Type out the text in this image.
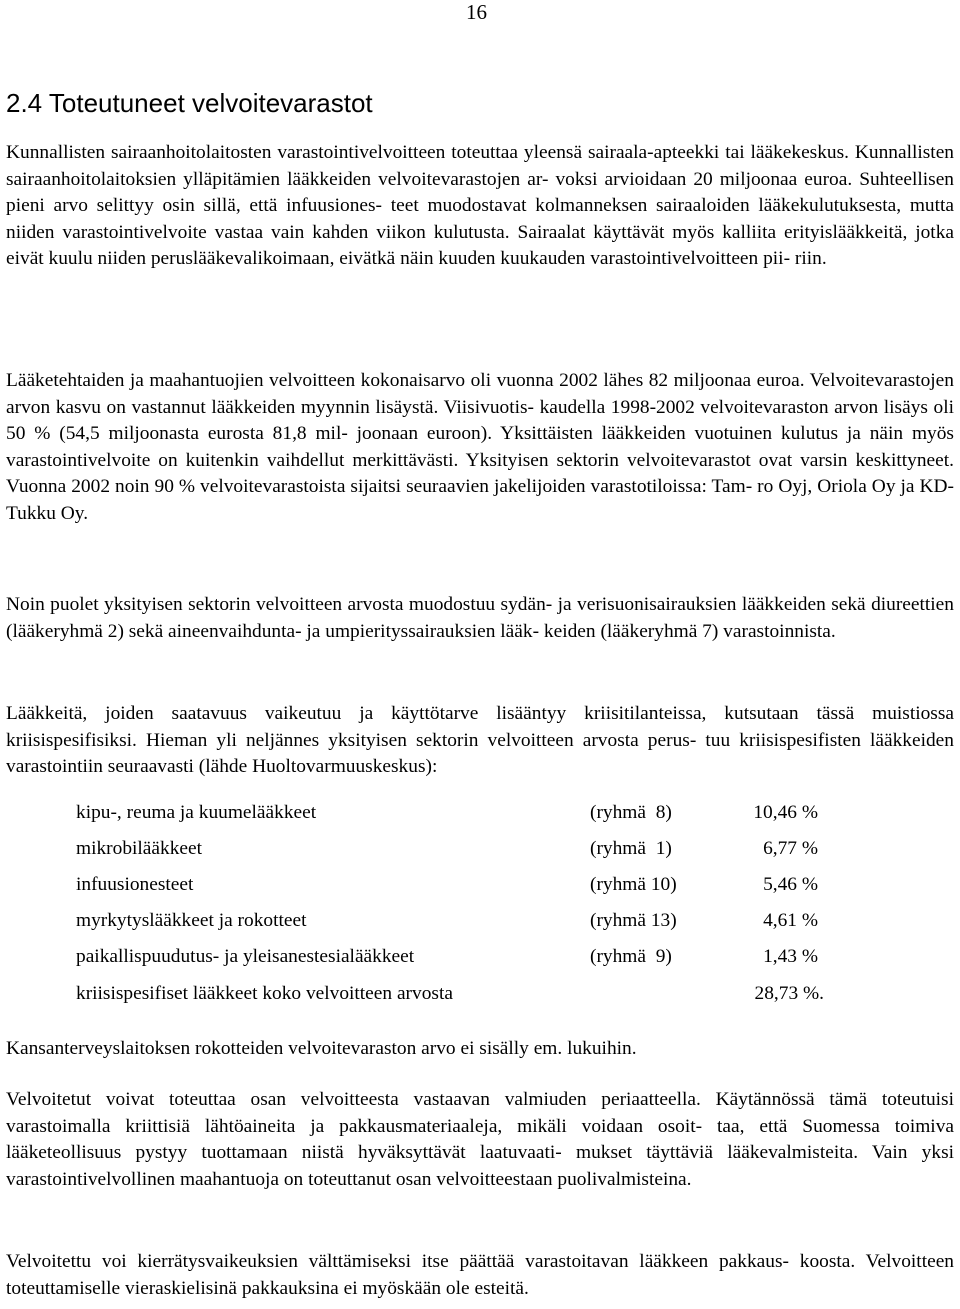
16
2.4 Toteutuneet velvoitevarastot

Kunnallisten sairaanhoitolaitosten varastointivelvoitteen toteuttaa yleensä sairaala-apteekki tai lääkekeskus. Kunnallisten sairaanhoitolaitoksien ylläpitämien lääkkeiden velvoitevarastojen ar - voksi arvioidaan 20 miljoonaa euroa. Suhteellisen pieni arvo selittyy osin sillä, että infuusiones - teet muodostavat kolmanneksen sairaaloiden lääkekulutuksesta, mutta niiden varastointivelvoite vastaa vain kahden viikon kulutusta. Sairaalat käyttävät myös kalliita erityislääkkeitä, jotka eivät kuulu niiden peruslääkevalikoimaan, eivätkä näin kuuden kuukauden varastointivelvoitteen pii - riin.

Lääketehtaiden ja maahantuojien velvoitteen kokonaisarvo oli vuonna 2002 lähes 82 miljoonaa euroa. Velvoitevarastojen arvon kasvu on vastannut lääkkeiden myynnin lisäystä. Viisivuotis - kaudella 1998-2002 velvoitevaraston arvon lisäys oli 50 % (54,5 miljoonasta eurosta 81,8 mil - joonaan euroon). Yksittäisten lääkkeiden vuotuinen kulutus ja näin myös varastointivelvoite on kuitenkin vaihdellut merkittävästi. Yksityisen sektorin velvoitevarastot ovat varsin keskittyneet. Vuonna 2002 noin 90 % velvoitevarastoista sijaitsi seuraavien jakelijoiden varastotiloissa: Tam - ro Oyj, Oriola Oy ja KD-Tukku Oy.

Noin puolet yksityisen sektorin velvoitteen arvosta muodostuu sydän- ja verisuonisairauksien lääkkeiden sekä diureettien (lääkeryhmä 2) sekä aineenvaihdunta- ja umpierityssairauksien lääk - keiden (lääkeryhmä 7) varastoinnista.

Lääkkeitä, joiden saatavuus vaikeutuu ja käyttötarve lisääntyy kriisitilanteissa, kutsutaan tässä muistiossa kriisispesifisiksi. Hieman yli neljännes yksityisen sektorin velvoitteen arvosta perus - tuu kriisispesifisten lääkkeiden varastointiin seuraavasti (lähde Huoltovarmuuskeskus):

kipu-, reuma ja kuumelääkkeet	(ryhmä  8)	10,46 %
mikrobilääkkeet	(ryhmä  1)	6,77 %
infuusionesteet	(ryhmä 10)	5,46 %
myrkytyslääkkeet ja rokotteet	(ryhmä 13)	4,61 %
paikallispuudutus- ja yleisanestesialääkkeet	(ryhmä  9)	1,43 %
kriisispesifiset lääkkeet koko velvoitteen arvosta	28,73 %.

Kansanterveyslaitoksen rokotteiden velvoitevaraston arvo ei sisälly em. lukuihin.

Velvoitetut voivat toteuttaa osan velvoitteesta vastaavan valmiuden periaatteella. Käytännössä tämä toteutuisi varastoimalla kriittisiä lähtöaineita ja pakkausmateriaaleja, mikäli voidaan osoit - taa, että Suomessa toimiva lääketeollisuus pystyy tuottamaan niistä hyväksyttävät laatuvaati - mukset täyttäviä lääkevalmisteita. Vain yksi varastointivelvollinen maahantuoja on toteuttanut osan velvoitteestaan puolivalmisteina.

Velvoitettu voi kierrätysvaikeuksien välttämiseksi itse päättää varastoitavan lääkkeen pakkaus - koosta. Velvoitteen toteuttamiselle vieraskielisinä pakkauksina ei myöskään ole esteitä.
